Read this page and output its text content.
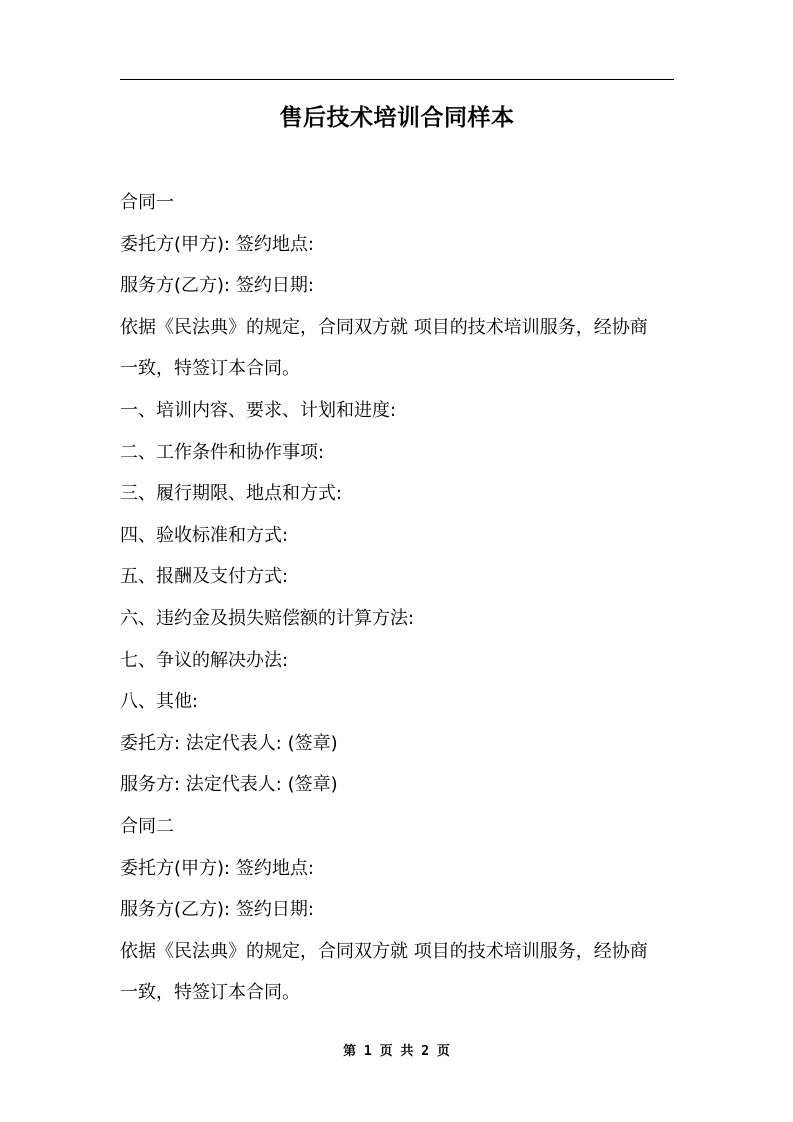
售后技术培训合同样本
合同一
委托方(甲方): 签约地点:
服务方(乙方): 签约日期:
依据《民法典》的规定，合同双方就 项目的技术培训服务，经协商
一致，特签订本合同。
一、培训内容、要求、计划和进度:
二、工作条件和协作事项:
三、履行期限、地点和方式:
四、验收标准和方式:
五、报酬及支付方式:
六、违约金及损失赔偿额的计算方法:
七、争议的解决办法:
八、其他:
委托方: 法定代表人: (签章)
服务方: 法定代表人: (签章)
合同二
委托方(甲方): 签约地点:
服务方(乙方): 签约日期:
依据《民法典》的规定，合同双方就 项目的技术培训服务，经协商
一致，特签订本合同。
第 1 页 共 2 页
